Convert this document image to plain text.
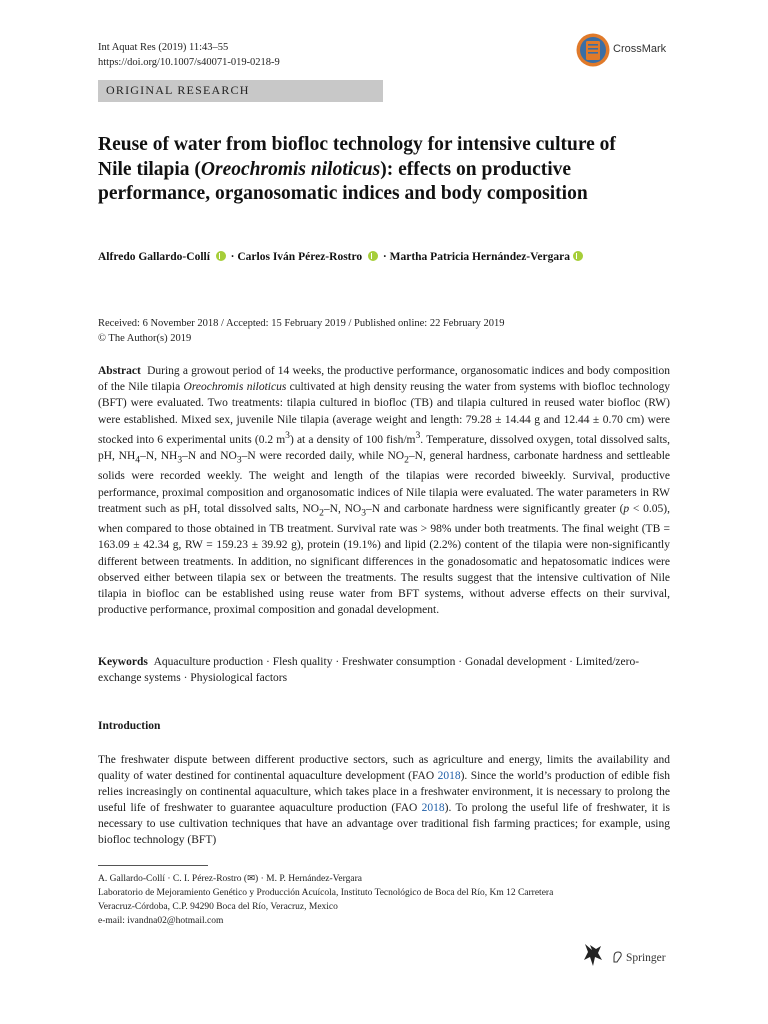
Int Aquat Res (2019) 11:43–55
https://doi.org/10.1007/s40071-019-0218-9
CrossMark
ORIGINAL RESEARCH
Reuse of water from biofloc technology for intensive culture of Nile tilapia (Oreochromis niloticus): effects on productive performance, organosomatic indices and body composition
Alfredo Gallardo-Collí · Carlos Iván Pérez-Rostro · Martha Patricia Hernández-Vergara
Received: 6 November 2018 / Accepted: 15 February 2019 / Published online: 22 February 2019
© The Author(s) 2019
Abstract During a growout period of 14 weeks, the productive performance, organosomatic indices and body composition of the Nile tilapia Oreochromis niloticus cultivated at high density reusing the water from systems with biofloc technology (BFT) were evaluated. Two treatments: tilapia cultured in biofloc (TB) and tilapia cultured in reused water biofloc (RW) were established. Mixed sex, juvenile Nile tilapia (average weight and length: 79.28 ± 14.44 g and 12.44 ± 0.70 cm) were stocked into 6 experimental units (0.2 $m^3$) at a density of 100 fish/$m^3$. Temperature, dissolved oxygen, total dissolved salts, pH, $NH_4-N$, $NH_3-N$ and $NO_3-N$ were recorded daily, while $NO_2-N$, general hardness, carbonate hardness and settleable solids were recorded weekly. The weight and length of the tilapias were recorded biweekly. Survival, productive performance, proximal composition and organosomatic indices of Nile tilapia were evaluated. The water parameters in RW treatment such as pH, total dissolved salts, $NO_2-N$, $NO_3-N$ and carbonate hardness were significantly greater (p < 0.05), when compared to those obtained in TB treatment. Survival rate was > 98% under both treatments. The final weight (TB = 163.09 ± 42.34 g, RW = 159.23 ± 39.92 g), protein (19.1%) and lipid (2.2%) content of the tilapia were non-significantly different between treatments. In addition, no significant differences in the gonadosomatic and hepatosomatic indices were observed either between tilapia sex or between the treatments. The results suggest that the intensive cultivation of Nile tilapia in biofloc can be established using reuse water from BFT systems, without adverse effects on their survival, productive performance, proximal composition and gonadal development.
Keywords Aquaculture production · Flesh quality · Freshwater consumption · Gonadal development · Limited/zero-exchange systems · Physiological factors
Introduction
The freshwater dispute between different productive sectors, such as agriculture and energy, limits the availability and quality of water destined for continental aquaculture development (FAO 2018). Since the world’s production of edible fish relies increasingly on continental aquaculture, which takes place in a freshwater environment, it is necessary to prolong the useful life of freshwater to guarantee aquaculture production (FAO 2018). To prolong the useful life of freshwater, it is necessary to use cultivation techniques that have an advantage over traditional fish farming practices; for example, using biofloc technology (BFT)
A. Gallardo-Collí · C. I. Pérez-Rostro (✉) · M. P. Hernández-Vergara
Laboratorio de Mejoramiento Genético y Producción Acuícola, Instituto Tecnológico de Boca del Río, Km 12 Carretera
Veracruz-Córdoba, C.P. 94290 Boca del Río, Veracruz, Mexico
e-mail: ivandna02@hotmail.com
Springer
